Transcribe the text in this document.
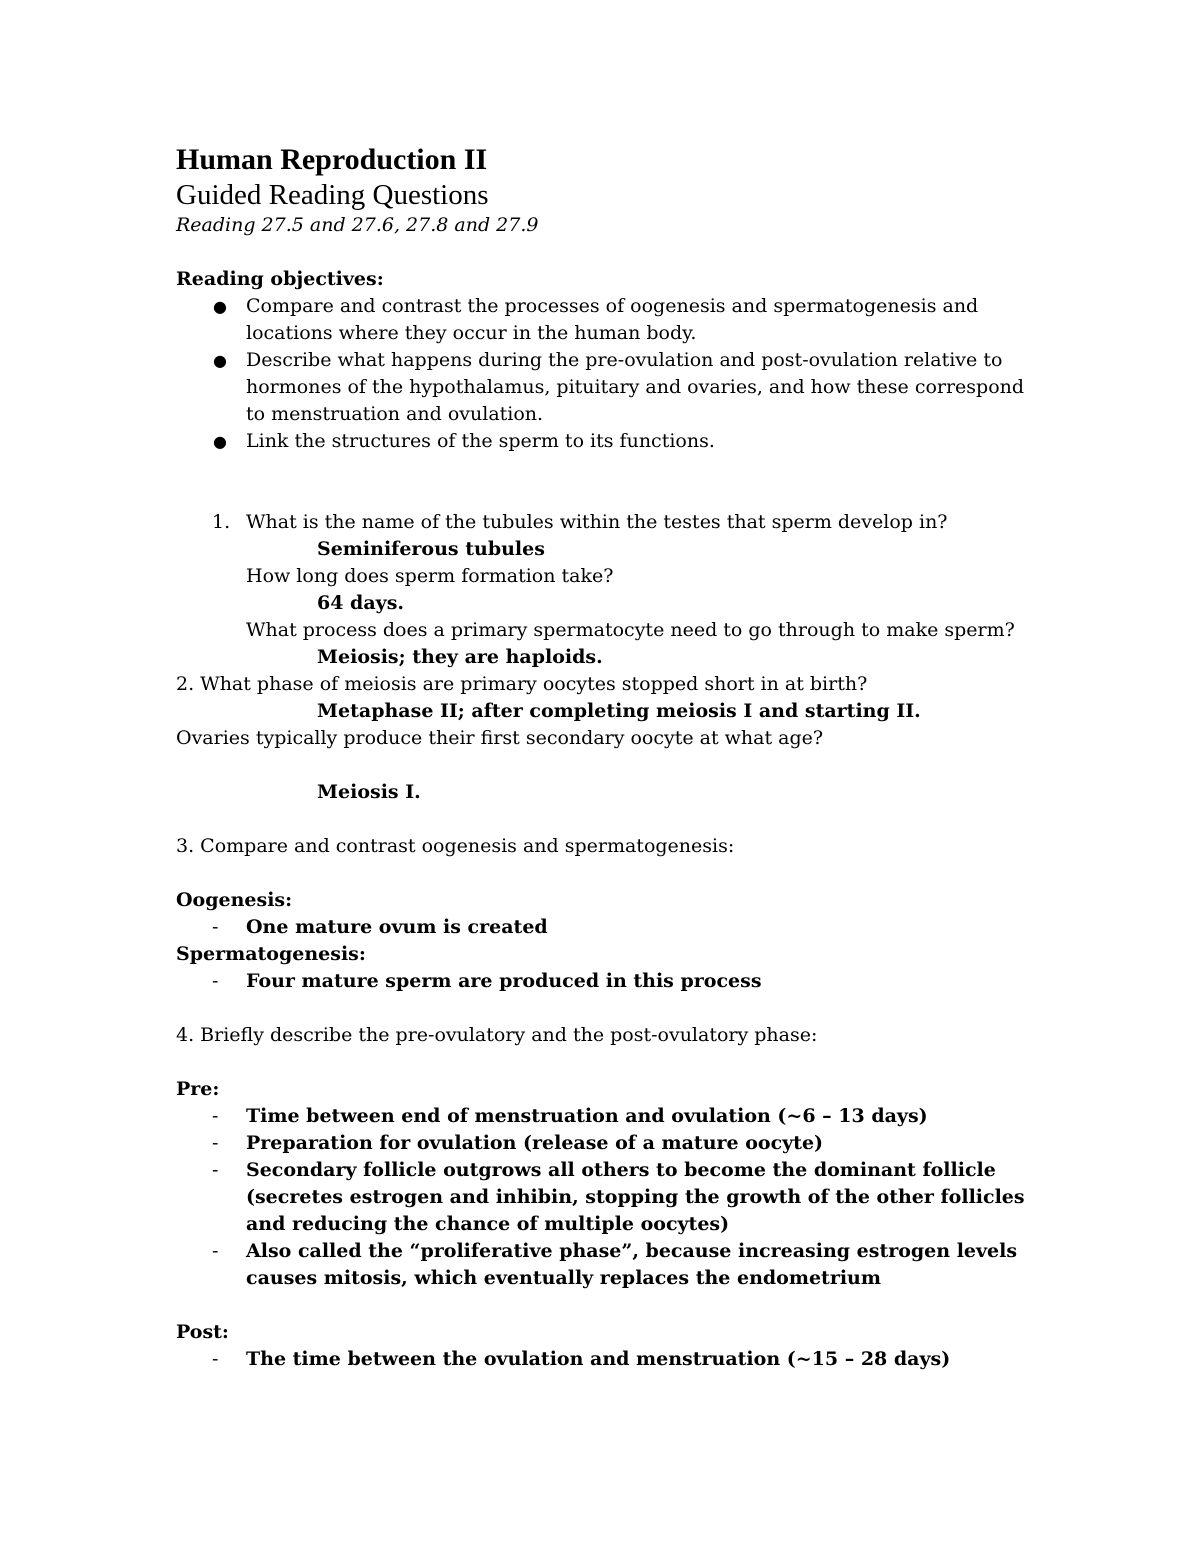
Human Reproduction II

Guided Reading Questions

Reading 27.5 and 27.6, 27.8 and 27.9

Reading objectives:

● Compare and contrast the processes of oogenesis and spermatogenesis and locations where they occur in the human body.
● Describe what happens during the pre-ovulation and post-ovulation relative to hormones of the hypothalamus, pituitary and ovaries, and how these correspond to menstruation and ovulation.
● Link the structures of the sperm to its functions.
1. What is the name of the tubules within the testes that sperm develop in?

Seminiferous tubules

How long does sperm formation take?

64 days.

What process does a primary spermatocyte need to go through to make sperm?

Meiosis; they are haploids.

2. What phase of meiosis are primary oocytes stopped short in at birth?

Metaphase II; after completing meiosis I and starting II.

Ovaries typically produce their first secondary oocyte at what age?

Meiosis I.

3. Compare and contrast oogenesis and spermatogenesis:

Oogenesis:

- One mature ovum is created

Spermatogenesis:

- Four mature sperm are produced in this process

4. Briefly describe the pre-ovulatory and the post-ovulatory phase:

Pre:

- Time between end of menstruation and ovulation (~6 – 13 days)
- Preparation for ovulation (release of a mature oocyte)
- Secondary follicle outgrows all others to become the dominant follicle (secretes estrogen and inhibin, stopping the growth of the other follicles and reducing the chance of multiple oocytes)
- Also called the “proliferative phase”, because increasing estrogen levels causes mitosis, which eventually replaces the endometrium

Post:

- The time between the ovulation and menstruation (~15 – 28 days)
